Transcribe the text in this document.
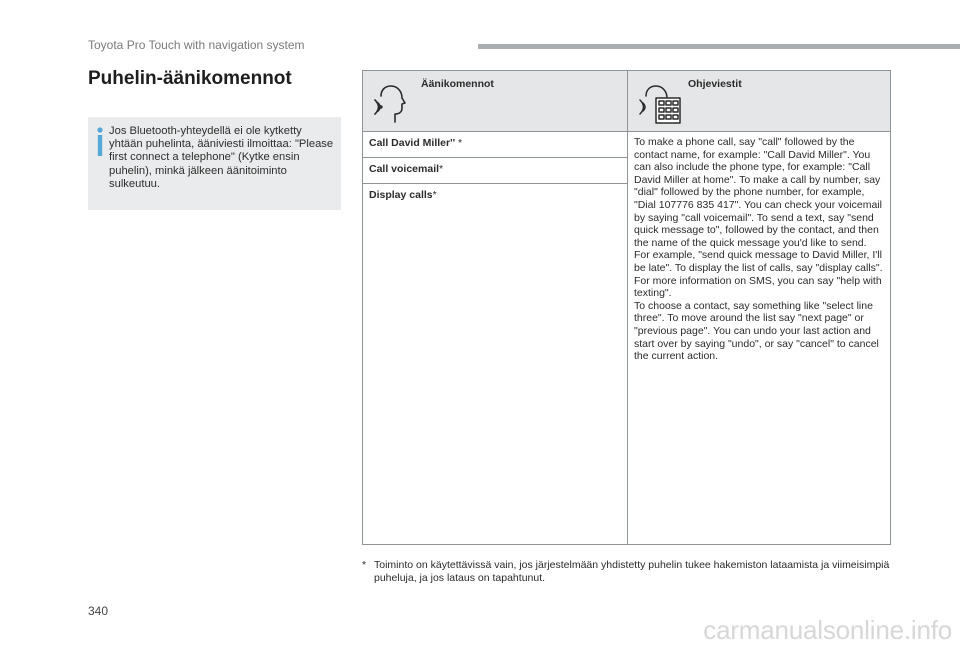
Toyota Pro Touch with navigation system
Puhelin-äänikomennot
Jos Bluetooth-yhteydellä ei ole kytketty yhtään puhelinta, ääniviesti ilmoittaa: "Please first connect a telephone" (Kytke ensin puhelin), minkä jälkeen äänitoiminto sulkeutuu.
Äänikomennot	Ohjeviestit
Call David Miller'' *
Call voicemail*
Display calls*
To make a phone call, say "call" followed by the contact name, for example: "Call David Miller". You can also include the phone type, for example: "Call David Miller at home". To make a call by number, say "dial" followed by the phone number, for example, "Dial 107776 835 417". You can check your voicemail by saying "call voicemail". To send a text, say "send quick message to", followed by the contact, and then the name of the quick message you'd like to send. For example, "send quick message to David Miller, I'll be late". To display the list of calls, say "display calls". For more information on SMS, you can say "help with texting".
To choose a contact, say something like "select line three". To move around the list say "next page" or "previous page". You can undo your last action and start over by saying "undo", or say "cancel" to cancel the current action.
* Toiminto on käytettävissä vain, jos järjestelmään yhdistetty puhelin tukee hakemiston lataamista ja viimeisimpiä puheluja, ja jos lataus on tapahtunut.
340
carmanualsonline.info
